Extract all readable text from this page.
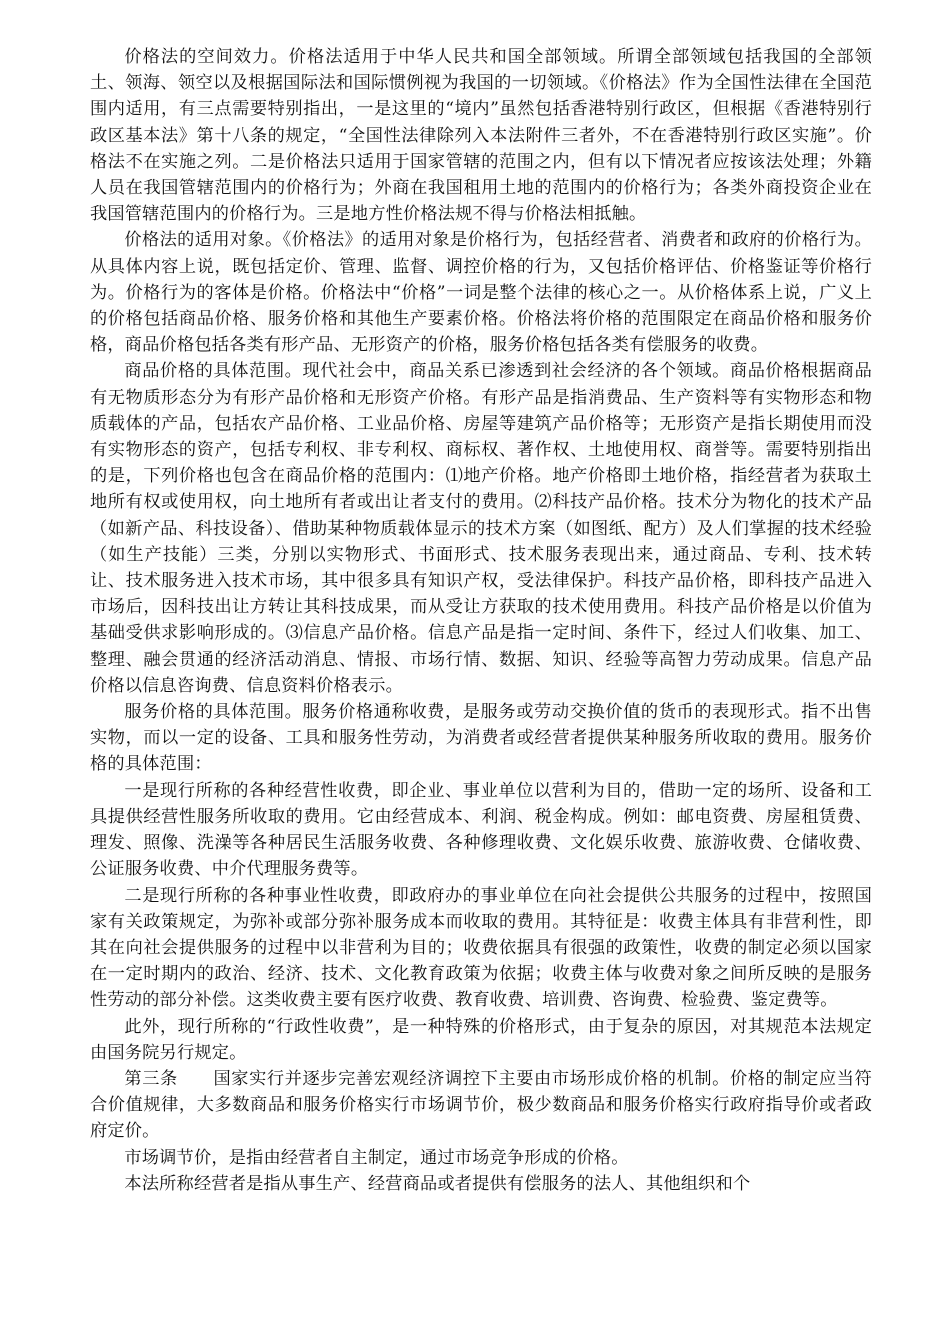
价格法的空间效力。价格法适用于中华人民共和国全部领域。所谓全部领域包括我国的全部领土、领海、领空以及根据国际法和国际惯例视为我国的一切领域。《价格法》作为全国性法律在全国范围内适用，有三点需要特别指出，一是这里的“境内”虽然包括香港特别行政区，但根据《香港特别行政区基本法》第十八条的规定，“全国性法律除列入本法附件三者外，不在香港特别行政区实施”。价格法不在实施之列。二是价格法只适用于国家管辖的范围之内，但有以下情况者应按该法处理；外籍人员在我国管辖范围内的价格行为；外商在我国租用土地的范围内的价格行为；各类外商投资企业在我国管辖范围内的价格行为。三是地方性价格法规不得与价格法相抵触。

价格法的适用对象。《价格法》的适用对象是价格行为，包括经营者、消费者和政府的价格行为。从具体内容上说，既包括定价、管理、监督、调控价格的行为，又包括价格评估、价格鉴证等价格行为。价格行为的客体是价格。价格法中“价格”一词是整个法律的核心之一。从价格体系上说，广义上的价格包括商品价格、服务价格和其他生产要素价格。价格法将价格的范围限定在商品价格和服务价格，商品价格包括各类有形产品、无形资产的价格，服务价格包括各类有偿服务的收费。

商品价格的具体范围。现代社会中，商品关系已渗透到社会经济的各个领域。商品价格根据商品有无物质形态分为有形产品价格和无形资产价格。有形产品是指消费品、生产资料等有实物形态和物质载体的产品，包括农产品价格、工业品价格、房屋等建筑产品价格等；无形资产是指长期使用而没有实物形态的资产，包括专利权、非专利权、商标权、著作权、土地使用权、商誉等。需要特别指出的是，下列价格也包含在商品价格的范围内：⑴地产价格。地产价格即土地价格，指经营者为获取土地所有权或使用权，向土地所有者或出让者支付的费用。⑵科技产品价格。技术分为物化的技术产品（如新产品、科技设备）、借助某种物质载体显示的技术方案（如图纸、配方）及人们掌握的技术经验（如生产技能）三类，分别以实物形式、书面形式、技术服务表现出来，通过商品、专利、技术转让、技术服务进入技术市场，其中很多具有知识产权，受法律保护。科技产品价格，即科技产品进入市场后，因科技出让方转让其科技成果，而从受让方获取的技术使用费用。科技产品价格是以价值为基础受供求影响形成的。⑶信息产品价格。信息产品是指一定时间、条件下，经过人们收集、加工、整理、融会贯通的经济活动消息、情报、市场行情、数据、知识、经验等高智力劳动成果。信息产品价格以信息咨询费、信息资料价格表示。

服务价格的具体范围。服务价格通称收费，是服务或劳动交换价值的货币的表现形式。指不出售实物，而以一定的设备、工具和服务性劳动，为消费者或经营者提供某种服务所收取的费用。服务价格的具体范围：

一是现行所称的各种经营性收费，即企业、事业单位以营利为目的，借助一定的场所、设备和工具提供经营性服务所收取的费用。它由经营成本、利润、税金构成。例如：邮电资费、房屋租赁费、理发、照像、洗澡等各种居民生活服务收费、各种修理收费、文化娱乐收费、旅游收费、仓储收费、公证服务收费、中介代理服务费等。

二是现行所称的各种事业性收费，即政府办的事业单位在向社会提供公共服务的过程中，按照国家有关政策规定，为弥补或部分弥补服务成本而收取的费用。其特征是：收费主体具有非营利性，即其在向社会提供服务的过程中以非营利为目的；收费依据具有很强的政策性，收费的制定必须以国家在一定时期内的政治、经济、技术、文化教育政策为依据；收费主体与收费对象之间所反映的是服务性劳动的部分补偿。这类收费主要有医疗收费、教育收费、培训费、咨询费、检验费、鉴定费等。

此外，现行所称的“行政性收费”，是一种特殊的价格形式，由于复杂的原因，对其规范本法规定由国务院另行规定。

第三条　　 国家实行并逐步完善宏观经济调控下主要由市场形成价格的机制。价格的制定应当符合价值规律，大多数商品和服务价格实行市场调节价，极少数商品和服务价格实行政府指导价或者政府定价。

市场调节价，是指由经营者自主制定，通过市场竞争形成的价格。

本法所称经营者是指从事生产、经营商品或者提供有偿服务的法人、其他组织和个
